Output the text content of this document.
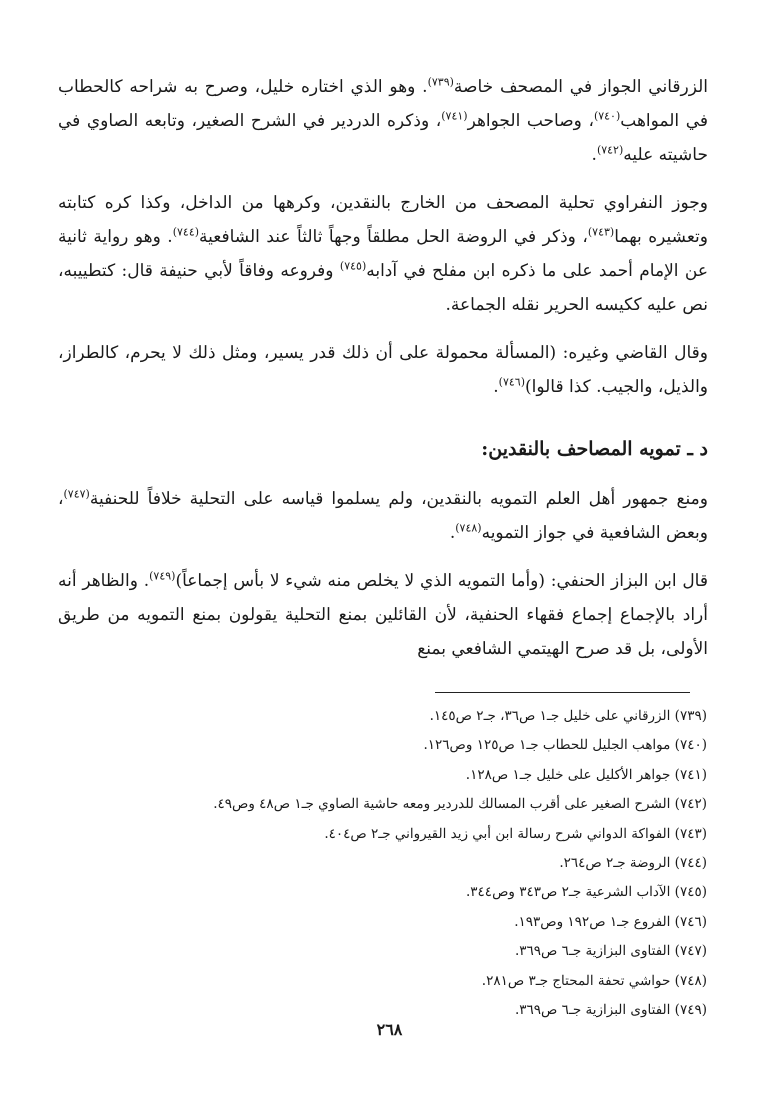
الزرقاني الجواز في المصحف خاصة$^{(٧٣٩)}$. وهو الذي اختاره خليل، وصرح به شراحه كالحطاب في المواهب$^{(٧٤٠)}$، وصاحب الجواهر$^{(٧٤١)}$، وذكره الدردير في الشرح الصغير، وتابعه الصاوي في حاشيته عليه$^{(٧٤٢)}$.

وجوز النفراوي تحلية المصحف من الخارج بالنقدين، وكرهها من الداخل، وكذا كره كتابته وتعشيره بهما$^{(٧٤٣)}$، وذكر في الروضة الحل مطلقاً وجهاً ثالثاً عند الشافعية$^{(٧٤٤)}$. وهو رواية ثانية عن الإمام أحمد على ما ذكره ابن مفلح في آدابه$^{(٧٤٥)}$ وفروعه وفاقاً لأبي حنيفة قال: كتطييبه، نص عليه ككيسه الحرير نقله الجماعة.

وقال القاضي وغيره: (المسألة محمولة على أن ذلك قدر يسير، ومثل ذلك لا يحرم، كالطراز، والذيل، والجيب. كذا قالوا)$^{(٧٤٦)}$.

د ـ تمويه المصاحف بالنقدين:

ومنع جمهور أهل العلم التمويه بالنقدين، ولم يسلموا قياسه على التحلية خلافاً للحنفية$^{(٧٤٧)}$، وبعض الشافعية في جواز التمويه$^{(٧٤٨)}$.

قال ابن البزاز الحنفي: (وأما التمويه الذي لا يخلص منه شيء لا بأس إجماعاً)$^{(٧٤٩)}$. والظاهر أنه أراد بالإجماع إجماع فقهاء الحنفية، لأن القائلين بمنع التحلية يقولون بمنع التمويه من طريق الأولى، بل قد صرح الهيتمي الشافعي بمنع

(٧٣٩) الزرقاني على خليل جـ١ ص٣٦، جـ٢ ص١٤٥.
(٧٤٠) مواهب الجليل للحطاب جـ١ ص١٢٥ وص١٢٦.
(٧٤١) جواهر الأكليل على خليل جـ١ ص١٢٨.
(٧٤٢) الشرح الصغير على أقرب المسالك للدردير ومعه حاشية الصاوي جـ١ ص٤٨ وص٤٩.
(٧٤٣) الفواكة الدواني شرح رسالة ابن أبي زيد القيرواني جـ٢ ص٤٠٤.
(٧٤٤) الروضة جـ٢ ص٢٦٤.
(٧٤٥) الآداب الشرعية جـ٢ ص٣٤٣ وص٣٤٤.
(٧٤٦) الفروع جـ١ ص١٩٢ وص١٩٣.
(٧٤٧) الفتاوى البزازية جـ٦ ص٣٦٩.
(٧٤٨) حواشي تحفة المحتاج جـ٣ ص٢٨١.
(٧٤٩) الفتاوى البزازية جـ٦ ص٣٦٩.
٢٦٨
